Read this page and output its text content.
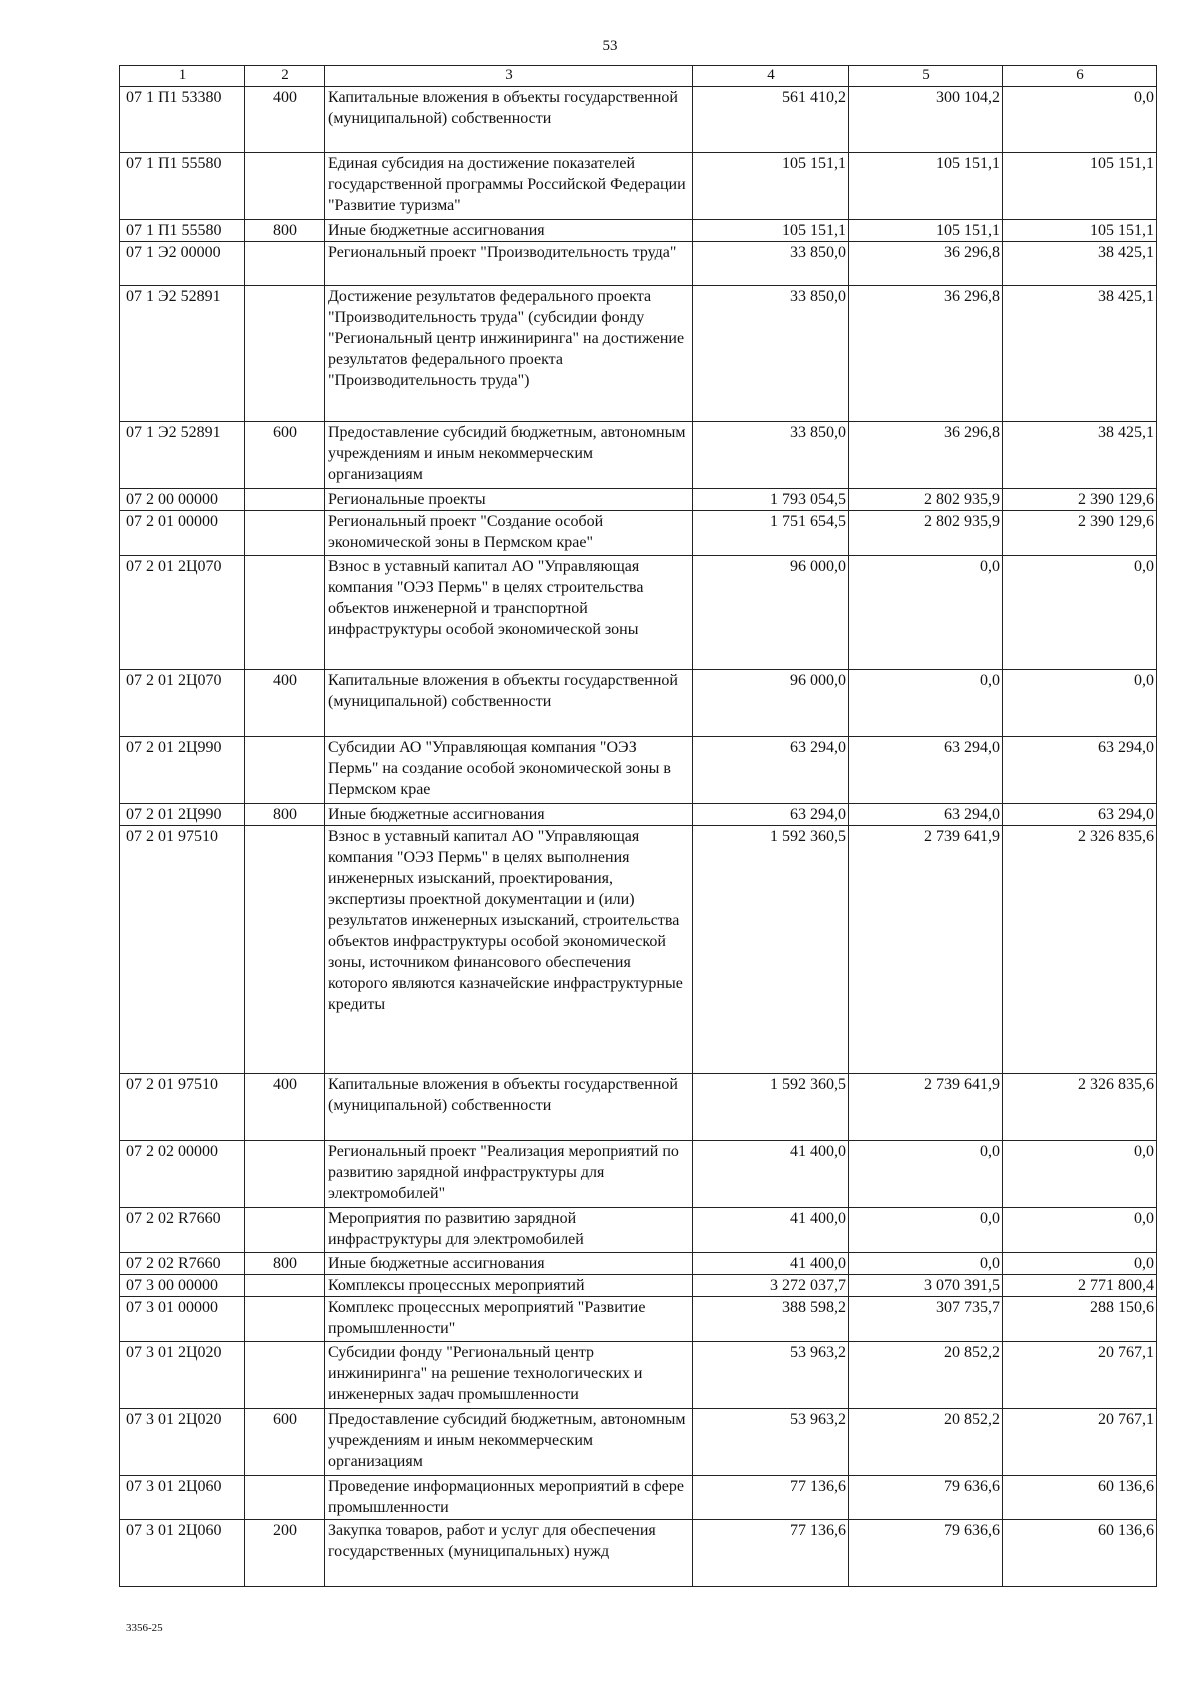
53
1	2	3	4	5	6
07 1 П1 53380	400	Капитальные вложения в объекты государственной (муниципальной) собственности	561 410,2	300 104,2	0,0
07 1 П1 55580		Единая субсидия на достижение показателей государственной программы Российской Федерации "Развитие туризма"	105 151,1	105 151,1	105 151,1
07 1 П1 55580	800	Иные бюджетные ассигнования	105 151,1	105 151,1	105 151,1
07 1 Э2 00000		Региональный проект "Производительность труда"	33 850,0	36 296,8	38 425,1
07 1 Э2 52891		Достижение результатов федерального проекта "Производительность труда" (субсидии фонду "Региональный центр инжиниринга" на достижение результатов федерального проекта "Производительность труда")	33 850,0	36 296,8	38 425,1
07 1 Э2 52891	600	Предоставление субсидий бюджетным, автономным учреждениям и иным некоммерческим организациям	33 850,0	36 296,8	38 425,1
07 2 00 00000		Региональные проекты	1 793 054,5	2 802 935,9	2 390 129,6
07 2 01 00000		Региональный проект "Создание особой экономической зоны в Пермском крае"	1 751 654,5	2 802 935,9	2 390 129,6
07 2 01 2Ц070		Взнос в уставный капитал АО "Управляющая компания "ОЭЗ Пермь" в целях строительства объектов инженерной и транспортной инфраструктуры особой экономической зоны	96 000,0	0,0	0,0
07 2 01 2Ц070	400	Капитальные вложения в объекты государственной (муниципальной) собственности	96 000,0	0,0	0,0
07 2 01 2Ц990		Субсидии АО "Управляющая компания "ОЭЗ Пермь" на создание особой экономической зоны в Пермском крае	63 294,0	63 294,0	63 294,0
07 2 01 2Ц990	800	Иные бюджетные ассигнования	63 294,0	63 294,0	63 294,0
07 2 01 97510		Взнос в уставный капитал АО "Управляющая компания "ОЭЗ Пермь" в целях выполнения инженерных изысканий, проектирования, экспертизы проектной документации и (или) результатов инженерных изысканий, строительства объектов инфраструктуры особой экономической зоны, источником финансового обеспечения которого являются казначейские инфраструктурные кредиты	1 592 360,5	2 739 641,9	2 326 835,6
07 2 01 97510	400	Капитальные вложения в объекты государственной (муниципальной) собственности	1 592 360,5	2 739 641,9	2 326 835,6
07 2 02 00000		Региональный проект "Реализация мероприятий по развитию зарядной инфраструктуры для электромобилей"	41 400,0	0,0	0,0
07 2 02 R7660		Мероприятия по развитию зарядной инфраструктуры для электромобилей	41 400,0	0,0	0,0
07 2 02 R7660	800	Иные бюджетные ассигнования	41 400,0	0,0	0,0
07 3 00 00000		Комплексы процессных мероприятий	3 272 037,7	3 070 391,5	2 771 800,4
07 3 01 00000		Комплекс процессных мероприятий "Развитие промышленности"	388 598,2	307 735,7	288 150,6
07 3 01 2Ц020		Субсидии фонду "Региональный центр инжиниринга" на решение технологических и инженерных задач промышленности	53 963,2	20 852,2	20 767,1
07 3 01 2Ц020	600	Предоставление субсидий бюджетным, автономным учреждениям и иным некоммерческим организациям	53 963,2	20 852,2	20 767,1
07 3 01 2Ц060		Проведение информационных мероприятий в сфере промышленности	77 136,6	79 636,6	60 136,6
07 3 01 2Ц060	200	Закупка товаров, работ и услуг для обеспечения государственных (муниципальных) нужд	77 136,6	79 636,6	60 136,6
3356-25
